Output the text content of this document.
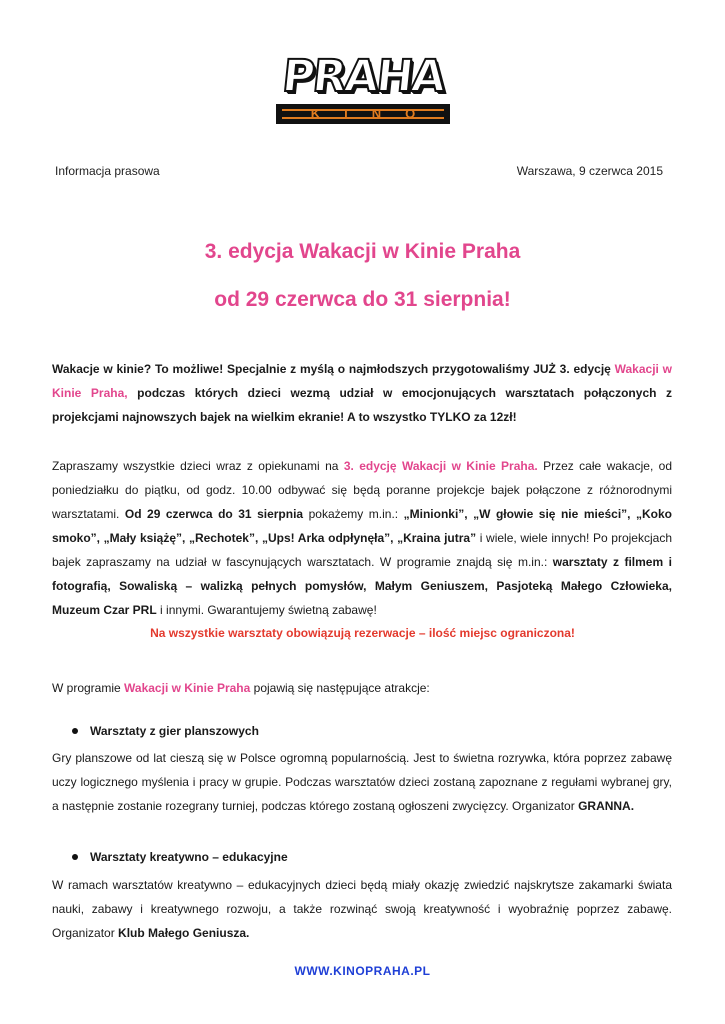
PRAHA
KINO
Informacja prasowa	Warszawa, 9 czerwca 2015
3. edycja Wakacji w Kinie Praha
od 29 czerwca do 31 sierpnia!
Wakacje w kinie? To możliwe! Specjalnie z myślą o najmłodszych przygotowaliśmy JUŻ 3. edycję Wakacji w Kinie Praha, podczas których dzieci wezmą udział w emocjonujących warsztatach połączonych z projekcjami najnowszych bajek na wielkim ekranie! A to wszystko TYLKO za 12zł!
Zapraszamy wszystkie dzieci wraz z opiekunami na 3. edycję Wakacji w Kinie Praha. Przez całe wakacje, od poniedziałku do piątku, od godz. 10.00 odbywać się będą poranne projekcje bajek połączone z różnorodnymi warsztatami. Od 29 czerwca do 31 sierpnia pokażemy m.in.: „Minionki”, „W głowie się nie mieści”, „Koko smoko”, „Mały książę”, „Rechotek”, „Ups! Arka odpłynęła”, „Kraina jutra” i wiele, wiele innych! Po projekcjach bajek zapraszamy na udział w fascynujących warsztatach. W programie znajdą się m.in.: warsztaty z filmem i fotografią, Sowaliską – walizką pełnych pomysłów, Małym Geniuszem, Pasjoteką Małego Człowieka, Muzeum Czar PRL i innymi. Gwarantujemy świetną zabawę!
Na wszystkie warsztaty obowiązują rezerwacje – ilość miejsc ograniczona!
W programie Wakacji w Kinie Praha pojawią się następujące atrakcje:
Warsztaty z gier planszowych
Gry planszowe od lat cieszą się w Polsce ogromną popularnością. Jest to świetna rozrywka, która poprzez zabawę uczy logicznego myślenia i pracy w grupie. Podczas warsztatów dzieci zostaną zapoznane z regułami wybranej gry, a następnie zostanie rozegrany turniej, podczas którego zostaną ogłoszeni zwycięzcy. Organizator GRANNA.
Warsztaty kreatywno – edukacyjne
W ramach warsztatów kreatywno – edukacyjnych dzieci będą miały okazję zwiedzić najskrytsze zakamarki świata nauki, zabawy i kreatywnego rozwoju, a także rozwinąć swoją kreatywność i wyobraźnię poprzez zabawę. Organizator Klub Małego Geniusza.
WWW.KINOPRAHA.PL
